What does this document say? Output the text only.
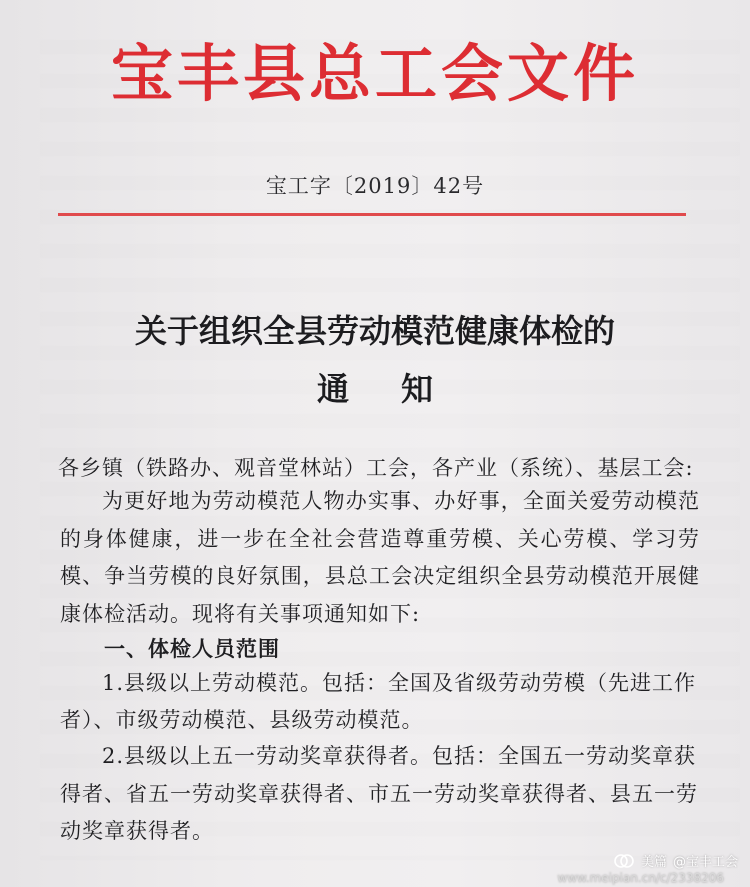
宝丰县总工会文件
宝工字〔2019〕42号
关于组织全县劳动模范健康体检的
通知
各乡镇（铁路办、观音堂林站）工会，各产业（系统）、基层工会:
为更好地为劳动模范人物办实事、办好事，全面关爱劳动模范的身体健康，进一步在全社会营造尊重劳模、关心劳模、学习劳模、争当劳模的良好氛围，县总工会决定组织全县劳动模范开展健康体检活动。现将有关事项通知如下:
一、体检人员范围
1.县级以上劳动模范。包括：全国及省级劳动劳模（先进工作者）、市级劳动模范、县级劳动模范。
2.县级以上五一劳动奖章获得者。包括：全国五一劳动奖章获得者、省五一劳动奖章获得者、市五一劳动奖章获得者、县五一劳动奖章获得者。
美篇 @宝丰工会
www.meipian.cn/c/2338206
